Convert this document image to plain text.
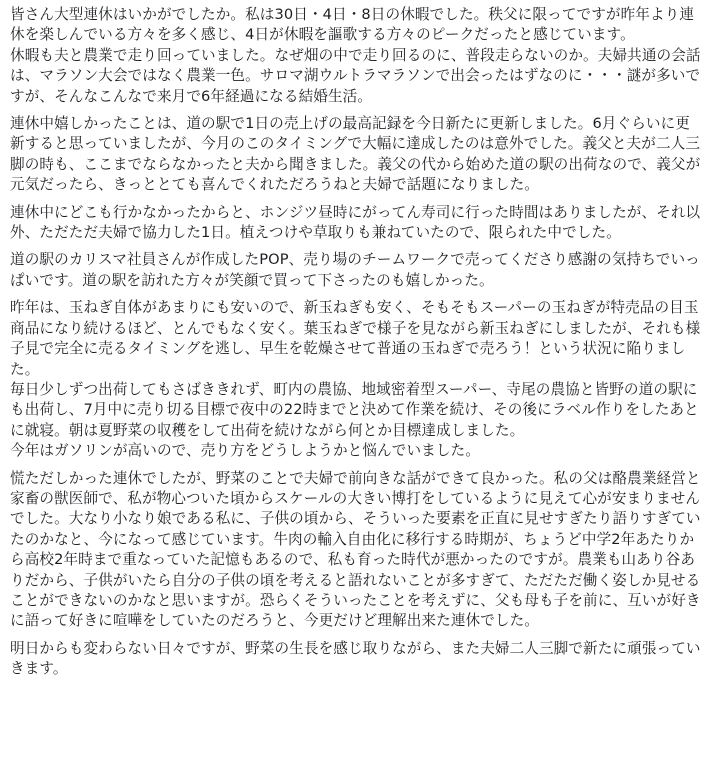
皆さん大型連休はいかがでしたか。私は30日・4日・8日の休暇でした。秩父に限ってですが昨年より連休を楽しんでいる方々を多く感じ、4日が休暇を謳歌する方々のピークだったと感じています。
休暇も夫と農業で走り回っていました。なぜ畑の中で走り回るのに、普段走らないのか。夫婦共通の会話は、マラソン大会ではなく農業一色。サロマ湖ウルトラマラソンで出会ったはずなのに・・・謎が多いですが、そんなこんなで来月で6年経過になる結婚生活。

連休中嬉しかったことは、道の駅で1日の売上げの最高記録を今日新たに更新しました。6月ぐらいに更新すると思っていましたが、今月のこのタイミングで大幅に達成したのは意外でした。義父と夫が二人三脚の時も、ここまでならなかったと夫から聞きました。義父の代から始めた道の駅の出荷なので、義父が元気だったら、きっととても喜んでくれただろうねと夫婦で話題になりました。

連休中にどこも行かなかったからと、ホンジツ昼時にがってん寿司に行った時間はありましたが、それ以外、ただただ夫婦で協力した1日。植えつけや草取りも兼ねていたので、限られた中でした。

道の駅のカリスマ社員さんが作成したPOP、売り場のチームワークで売ってくださり感謝の気持ちでいっぱいです。道の駅を訪れた方々が笑顔で買って下さったのも嬉しかった。

昨年は、玉ねぎ自体があまりにも安いので、新玉ねぎも安く、そもそもスーパーの玉ねぎが特売品の目玉商品になり続けるほど、とんでもなく安く。葉玉ねぎで様子を見ながら新玉ねぎにしましたが、それも様子見で完全に売るタイミングを逃し、早生を乾燥させて普通の玉ねぎで売ろう！という状況に陥りました。
毎日少しずつ出荷してもさばききれず、町内の農協、地域密着型スーパー、寺尾の農協と皆野の道の駅にも出荷し、7月中に売り切る目標で夜中の22時までと決めて作業を続け、その後にラベル作りをしたあとに就寝。朝は夏野菜の収穫をして出荷を続けながら何とか目標達成しました。
今年はガソリンが高いので、売り方をどうしようかと悩んでいました。

慌ただしかった連休でしたが、野菜のことで夫婦で前向きな話ができて良かった。私の父は酪農業経営と家畜の獣医師で、私が物心ついた頃からスケールの大きい博打をしているように見えて心が安まりませんでした。大なり小なり娘である私に、子供の頃から、そういった要素を正直に見せすぎたり語りすぎていたのかなと、今になって感じています。牛肉の輸入自由化に移行する時期が、ちょうど中学2年あたりから高校2年時まで重なっていた記憶もあるので、私も育った時代が悪かったのですが。農業も山あり谷ありだから、子供がいたら自分の子供の頃を考えると語れないことが多すぎて、ただただ働く姿しか見せることができないのかなと思いますが。恐らくそういったことを考えずに、父も母も子を前に、互いが好きに語って好きに喧嘩をしていたのだろうと、今更だけど理解出来た連休でした。

明日からも変わらない日々ですが、野菜の生長を感じ取りながら、また夫婦二人三脚で新たに頑張っていきます。
